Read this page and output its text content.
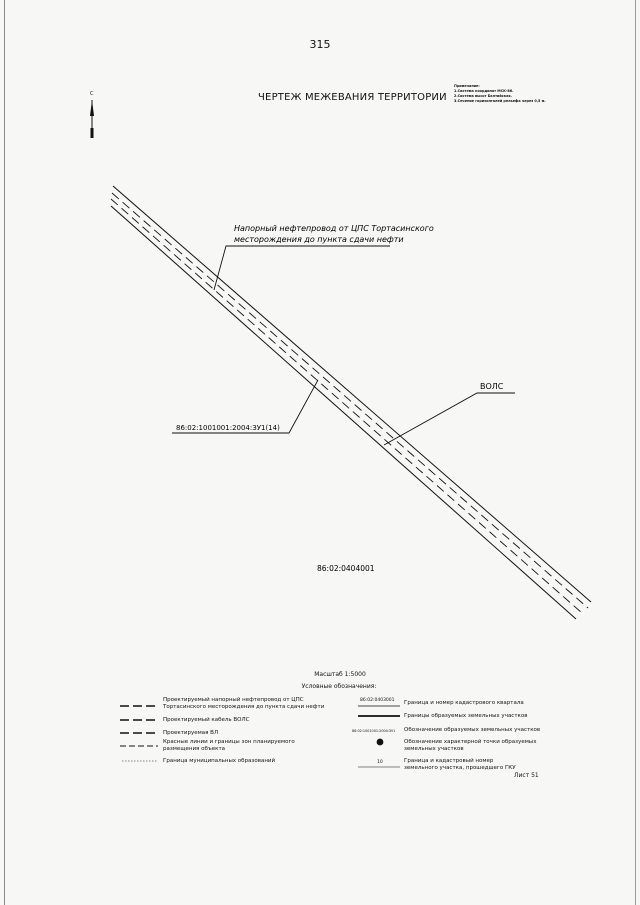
315
ЧЕРТЕЖ МЕЖЕВАНИЯ ТЕРРИТОРИИ
Примечание:
1.Система координат МСК-86.
2.Система высот Балтийская.
3.Сечение горизонталей рельефа через 0,5 м.
С
Напорный нефтепровод от ЦПС Тортасинского
месторождения до пункта сдачи нефти
ВОЛС
86:02:1001001:2004:ЗУ1(14)
86:02:0404001
Масштаб 1:5000
Условные обозначения:
Проектируемый напорный нефтепровод от ЦПС Тортасинского месторождения до пункта сдачи нефти
Проектируемый кабель ВОЛС
Проектируемая ВЛ
Красные линии и границы зон планируемого размещения объекта
Граница муниципальных образований
86:02:0403001 Граница и номер кадастрового квартала
Границы образуемых земельных участков
86:02:1001001:2004:ЗУ1 Обозначение образуемых земельных участков
Обозначение характерной точки образуемых земельных участков
10	Граница и кадастровый номер земельного участка, прошедшего ГКУ
Лист 51
